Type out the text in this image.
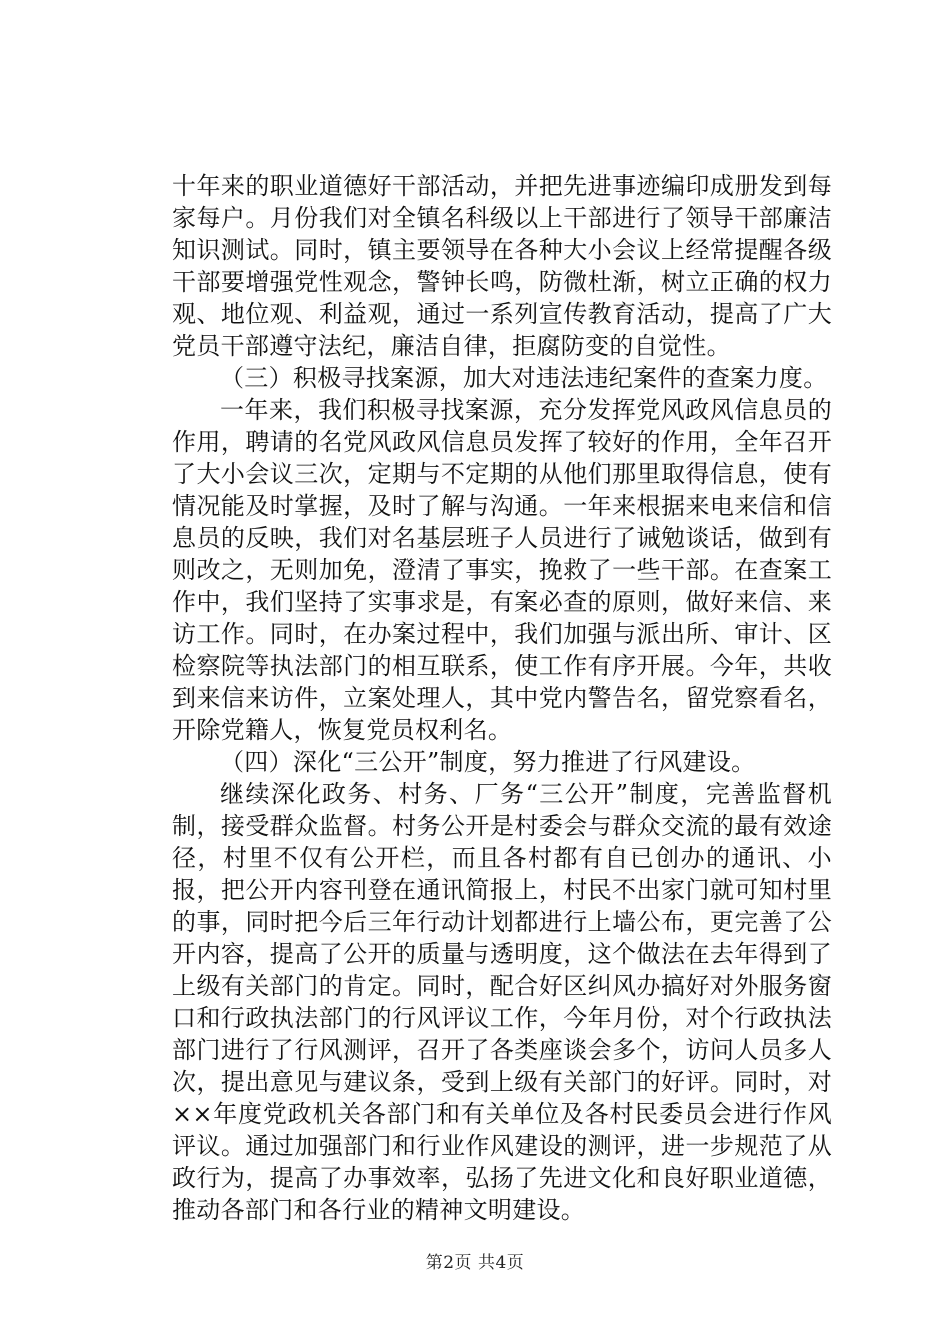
十年来的职业道德好干部活动，并把先进事迹编印成册发到每家每户。月份我们对全镇名科级以上干部进行了领导干部廉洁知识测试。同时，镇主要领导在各种大小会议上经常提醒各级干部要增强党性观念，警钟长鸣，防微杜渐，树立正确的权力观、地位观、利益观，通过一系列宣传教育活动，提高了广大党员干部遵守法纪，廉洁自律，拒腐防变的自觉性。

（三）积极寻找案源，加大对违法违纪案件的查案力度。

一年来，我们积极寻找案源，充分发挥党风政风信息员的作用，聘请的名党风政风信息员发挥了较好的作用，全年召开了大小会议三次，定期与不定期的从他们那里取得信息，使有情况能及时掌握，及时了解与沟通。一年来根据来电来信和信息员的反映，我们对名基层班子人员进行了诫勉谈话，做到有则改之，无则加免，澄清了事实，挽救了一些干部。在查案工作中，我们坚持了实事求是，有案必查的原则，做好来信、来访工作。同时，在办案过程中，我们加强与派出所、审计、区检察院等执法部门的相互联系，使工作有序开展。今年，共收到来信来访件，立案处理人，其中党内警告名，留党察看名，开除党籍人，恢复党员权利名。

（四）深化“三公开”制度，努力推进了行风建设。

继续深化政务、村务、厂务“三公开”制度，完善监督机制，接受群众监督。村务公开是村委会与群众交流的最有效途径，村里不仅有公开栏，而且各村都有自已创办的通讯、小报，把公开内容刊登在通讯简报上，村民不出家门就可知村里的事，同时把今后三年行动计划都进行上墙公布，更完善了公开内容，提高了公开的质量与透明度，这个做法在去年得到了上级有关部门的肯定。同时，配合好区纠风办搞好对外服务窗口和行政执法部门的行风评议工作，今年月份，对个行政执法部门进行了行风测评，召开了各类座谈会多个，访问人员多人次，提出意见与建议条，受到上级有关部门的好评。同时，对××年度党政机关各部门和有关单位及各村民委员会进行作风评议。通过加强部门和行业作风建设的测评，进一步规范了从政行为，提高了办事效率，弘扬了先进文化和良好职业道德，推动各部门和各行业的精神文明建设。

第2页 共4页
